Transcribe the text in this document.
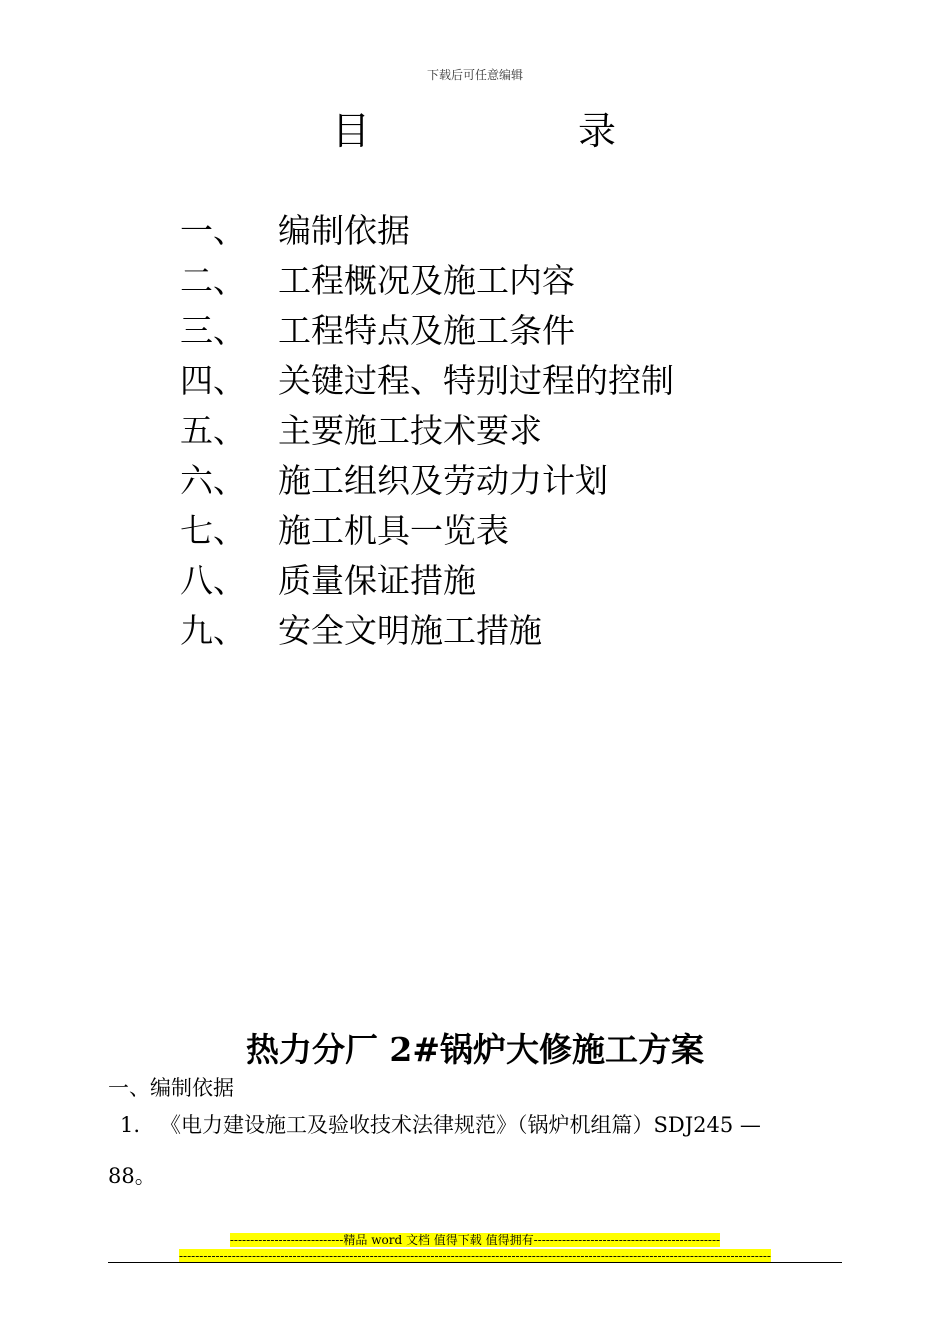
下载后可任意编辑
目	录
一、 编制依据
二、 工程概况及施工内容
三、 工程特点及施工条件
四、 关键过程、特别过程的控制
五、 主要施工技术要求
六、 施工组织及劳动力计划
七、 施工机具一览表
八、 质量保证措施
九、 安全文明施工措施
热力分厂 2#锅炉大修施工方案
一、编制依据
1. 《电力建设施工及验收技术法律规范》（锅炉机组篇）SDJ245 —
88。
----------------------------精品 word 文档 值得下载 值得拥有----------------------------------------------
--------------------------------------------------------------------------------------------------------------------------------------------------
